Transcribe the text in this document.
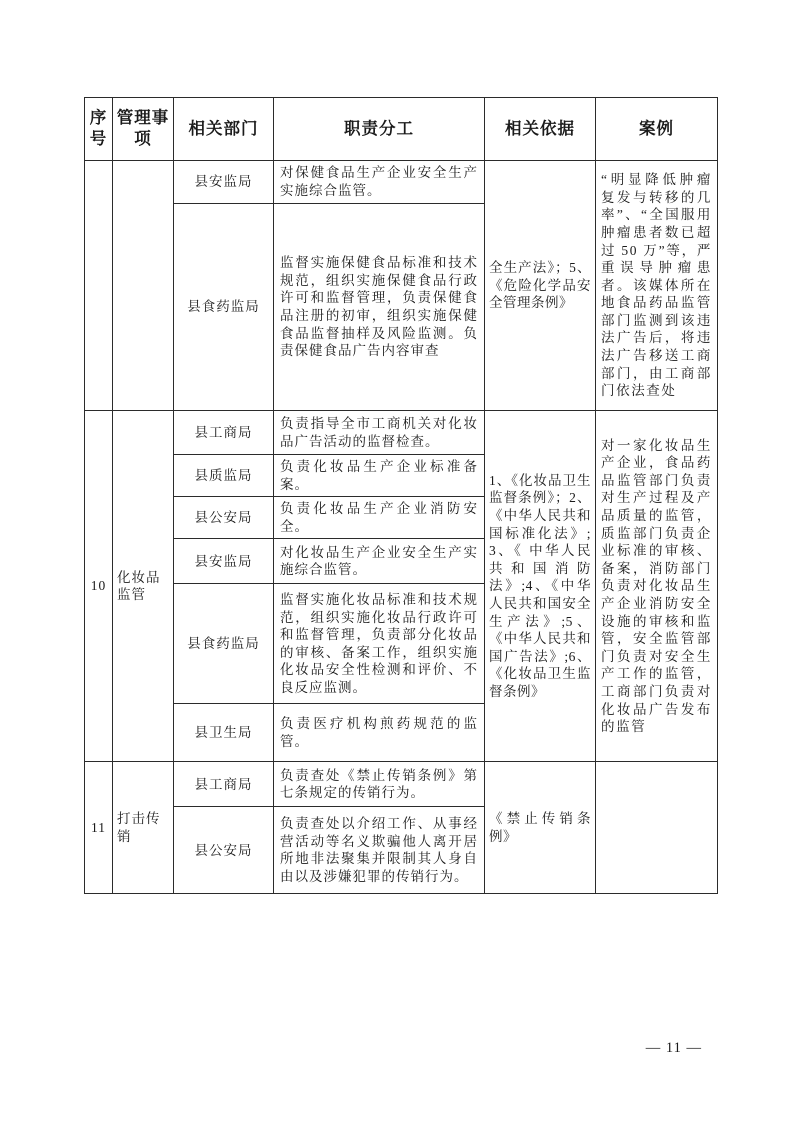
序号	管理事项	相关部门	职责分工	相关依据	案例
		县安监局	对保健食品生产企业安全生产实施综合监管。	全生产法》；5、《危险化学品安全管理条例》	“明显降低肿瘤复发与转移的几率”、“全国服用肿瘤患者数已超过 50 万”等，严重误导肿瘤患者。该媒体所在地食品药品监管部门监测到该违法广告后，将违法广告移送工商部门，由工商部门依法查处
		县食药监局	监督实施保健食品标准和技术规范，组织实施保健食品行政许可和监督管理，负责保健食品注册的初审，组织实施保健食品监督抽样及风险监测。负责保健食品广告内容审查		
10	化妆品监管	县工商局	负责指导全市工商机关对化妆品广告活动的监督检查。	1、《化妆品卫生监督条例》；2、《中华人民共和国标准化法》;3、《 中华人民共和国消防法》;4、《中华人民共和国安全生产法》;5、《中华人民共和国广告法》;6、《化妆品卫生监督条例》	对一家化妆品生产企业，食品药品监管部门负责对生产过程及产品质量的监管，质监部门负责企业标准的审核、备案，消防部门负责对化妆品生产企业消防安全设施的审核和监管，安全监管部门负责对安全生产工作的监管，工商部门负责对化妆品广告发布的监管
		县质监局	负责化妆品生产企业标准备案。		
		县公安局	负责化妆品生产企业消防安全。		
		县安监局	对化妆品生产企业安全生产实施综合监管。		
		县食药监局	监督实施化妆品标准和技术规范，组织实施化妆品行政许可和监督管理，负责部分化妆品的审核、备案工作，组织实施化妆品安全性检测和评价、不良反应监测。		
		县卫生局	负责医疗机构煎药规范的监管。		
11	打击传销	县工商局	负责查处《禁止传销条例》第七条规定的传销行为。	《禁止传销条例》	
		县公安局	负责查处以介绍工作、从事经营活动等名义欺骗他人离开居所地非法聚集并限制其人身自由以及涉嫌犯罪的传销行为。		
— 11 —
